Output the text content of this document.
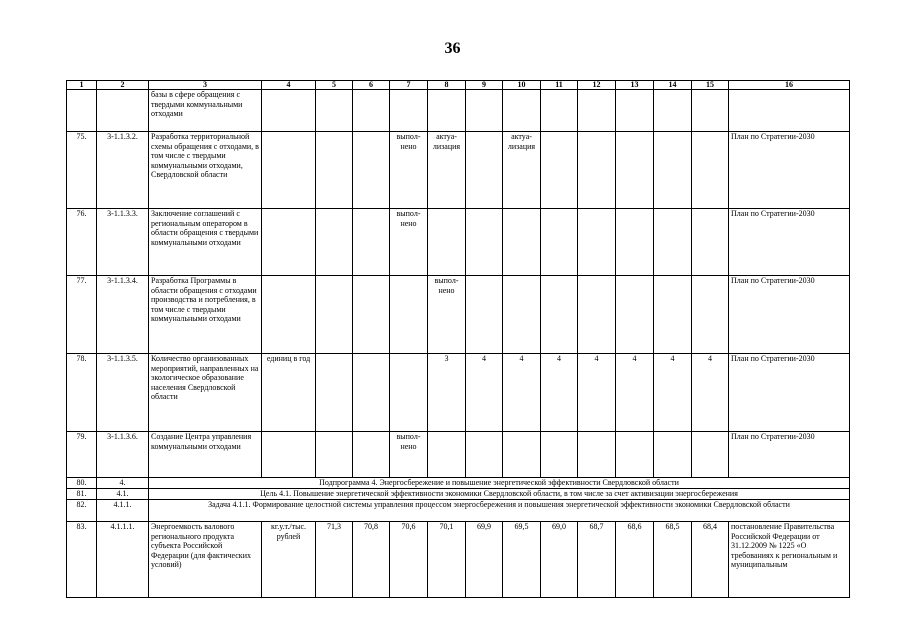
36
1	2	3	4	5	6	7	8	9	10	11	12	13	14	15	16
		базы в сфере обращения с твердыми коммунальными отходами													
75.	3-1.1.3.2.	Разработка территориальной схемы обращения с отходами, в том числе с твердыми коммунальными отходами, Свердловской области				выпол-нено	актуа-лизация		актуа-лизация						План по Стратегии-2030
76.	3-1.1.3.3.	Заключение соглашений с региональным оператором в области обращения с твердыми коммунальными отходами				выпол-нено									План по Стратегии-2030
77.	3-1.1.3.4.	Разработка Программы в области обращения с отходами производства и потребления, в том числе с твердыми коммунальными отходами					выпол-нено								План по Стратегии-2030
78.	3-1.1.3.5.	Количество организованных мероприятий, направленных на экологическое образование населения Свердловской области	единиц в год				3	4	4	4	4	4	4	4	План по Стратегии-2030
79.	3-1.1.3.6.	Создание Центра управления коммунальными отходами				выпол-нено									План по Стратегии-2030
80.	4.	Подпрограмма 4. Энергосбережение и повышение энергетической эффективности Свердловской области													
81.	4.1.	Цель 4.1. Повышение энергетической эффективности экономики Свердловской области, в том числе за счет активизации энергосбережения													
82.	4.1.1.	Задача 4.1.1. Формирование целостной системы управления процессом энергосбережения и повышения энергетической эффективности экономики Свердловской области													
83.	4.1.1.1.	Энергоемкость валового регионального продукта субъекта Российской Федерации (для фактических условий)	кг.у.т./тыс. рублей	71,3	70,8	70,6	70,1	69,9	69,5	69,0	68,7	68,6	68,5	68,4	постановление Правительства Российской Федерации от 31.12.2009 № 1225 «О требованиях к региональным и муниципальным
